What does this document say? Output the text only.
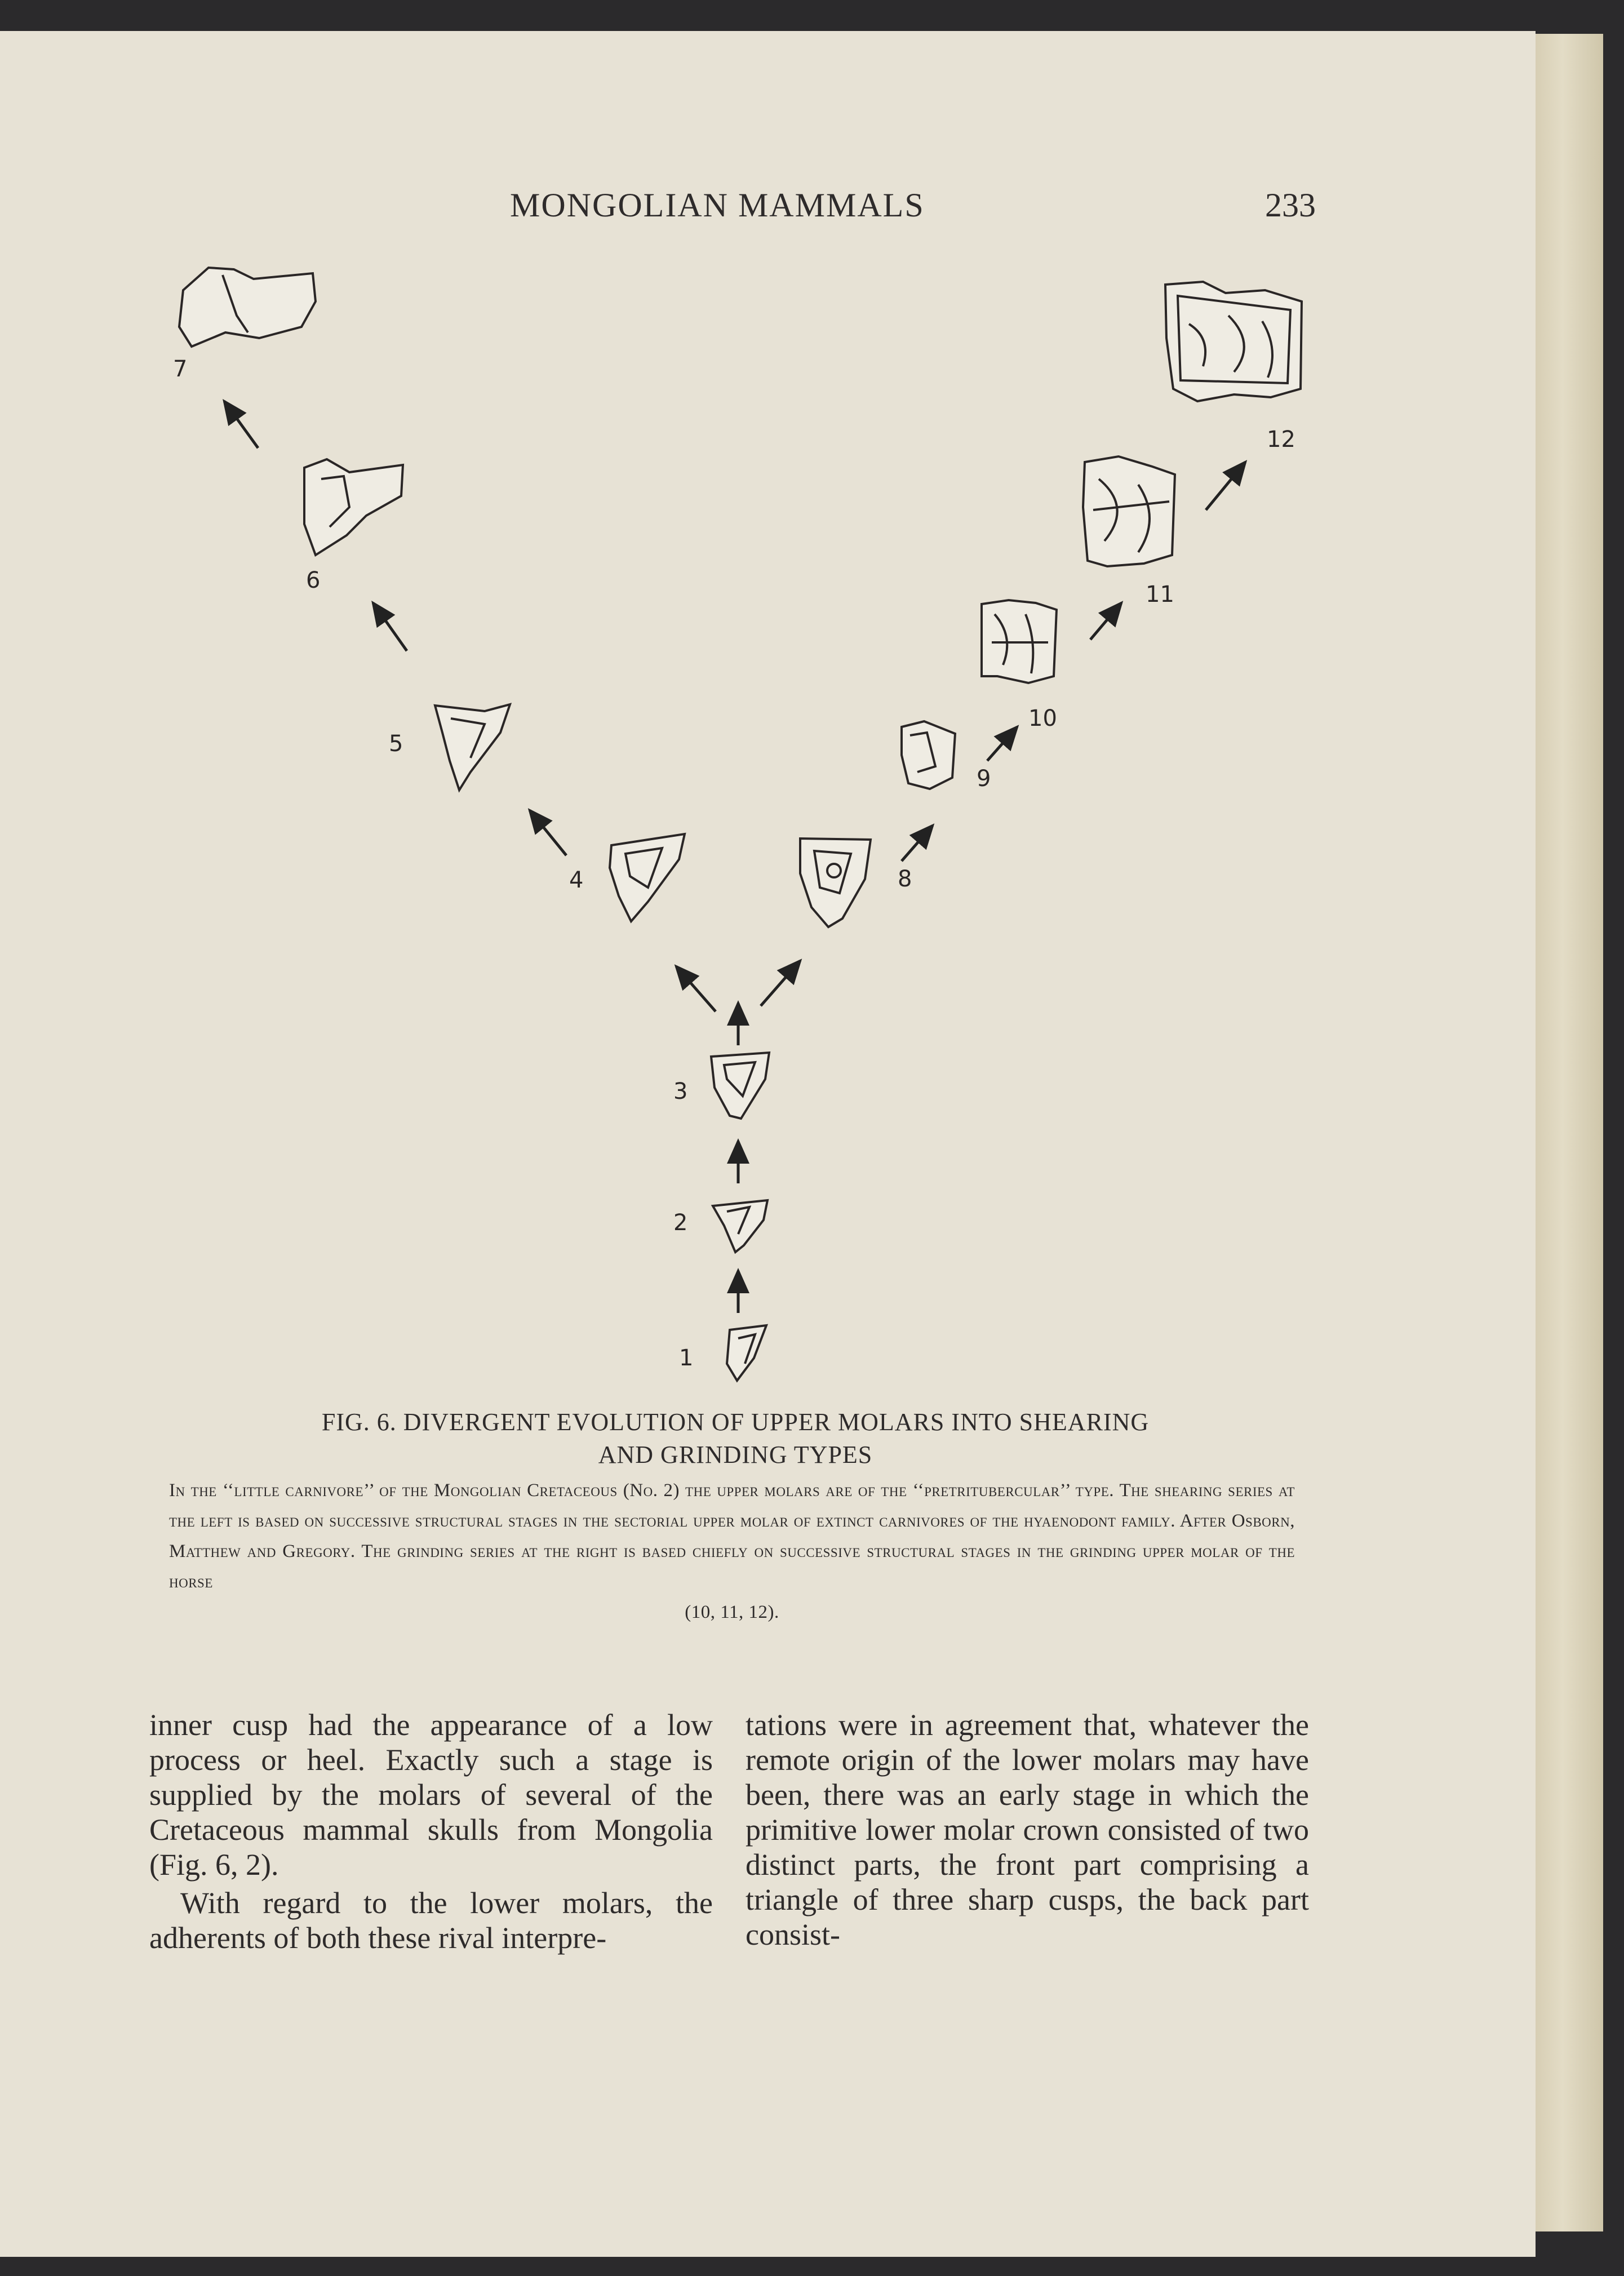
MONGOLIAN MAMMALS	233
1
2
3
4
5
6
7
8
9
10
11
12
FIG. 6. DIVERGENT EVOLUTION OF UPPER MOLARS INTO SHEARING
AND GRINDING TYPES
In the ‘‘little carnivore’’ of the Mongolian Cretaceous (No. 2) the upper molars are of the ‘‘pretritubercular’’ type. The shearing series at the left is based on successive structural stages in the sectorial upper molar of extinct carnivores of the hyaenodont family. After Osborn, Matthew and Gregory. The grinding series at the right is based chiefly on successive structural stages in the grinding upper molar of the horse
(10, 11, 12).

inner cusp had the appearance of a low process or heel. Exactly such a stage is supplied by the molars of several of the Cretaceous mammal skulls from Mongolia (Fig. 6, 2).

With regard to the lower molars, the adherents of both these rival interpre-

tations were in agreement that, whatever the remote origin of the lower molars may have been, there was an early stage in which the primitive lower molar crown consisted of two distinct parts, the front part comprising a triangle of three sharp cusps, the back part consist-
